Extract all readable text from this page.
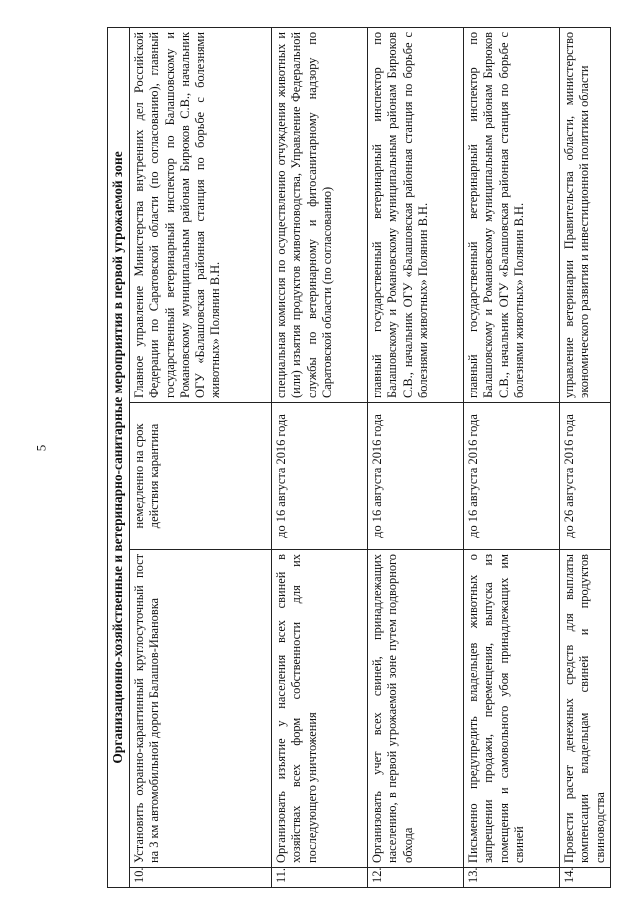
5	Организационно-хозяйственные и ветеринарно-санитарные мероприятия в первой угрожаемой зоне			
10.	Установить охранно-карантинный круглосуточный пост на 3 км автомобильной дороги Балашов-Ивановка	немедленно на срок действия карантина	Главное управление Министерства внутренних дел Российской Федерации по Саратовской области (по согласованию), главный государственный ветеринарный инспектор по Балашовскому и Романовскому муниципальным районам Бирюков С.В., начальник ОГУ «Балашовская районная станция по борьбе с болезнями животных» Полянин В.Н.
11.	Организовать изъятие у населения всех свиней в хозяйствах всех форм собственности для их последующего уничтожения	до 16 августа 2016 года	специальная комиссия по осуществлению отчуждения животных и (или) изъятия продуктов животноводства, Управление Федеральной службы по ветеринарному и фитосанитарному надзору по Саратовской области (по согласованию)
12.	Организовать учет всех свиней, принадлежащих населению, в первой угрожаемой зоне путем подворного обхода	до 16 августа 2016 года	главный государственный ветеринарный инспектор по Балашовскому и Романовскому муниципальным районам Бирюков С.В., начальник ОГУ «Балашовская районная станция по борьбе с болезнями животных» Полянин В.Н.
13.	Письменно предупредить владельцев животных о запрещении продажи, перемещения, выпуска из помещения и самовольного убоя принадлежащих им свиней	до 16 августа 2016 года	главный государственный ветеринарный инспектор по Балашовскому и Романовскому муниципальным районам Бирюков С.В., начальник ОГУ «Балашовская районная станция по борьбе с болезнями животных» Полянин В.Н.
14.	Провести расчет денежных средств для выплаты компенсации владельцам свиней и продуктов свиноводства	до 26 августа 2016 года	управление ветеринарии Правительства области, министерство экономического развития и инвестиционной политики области
